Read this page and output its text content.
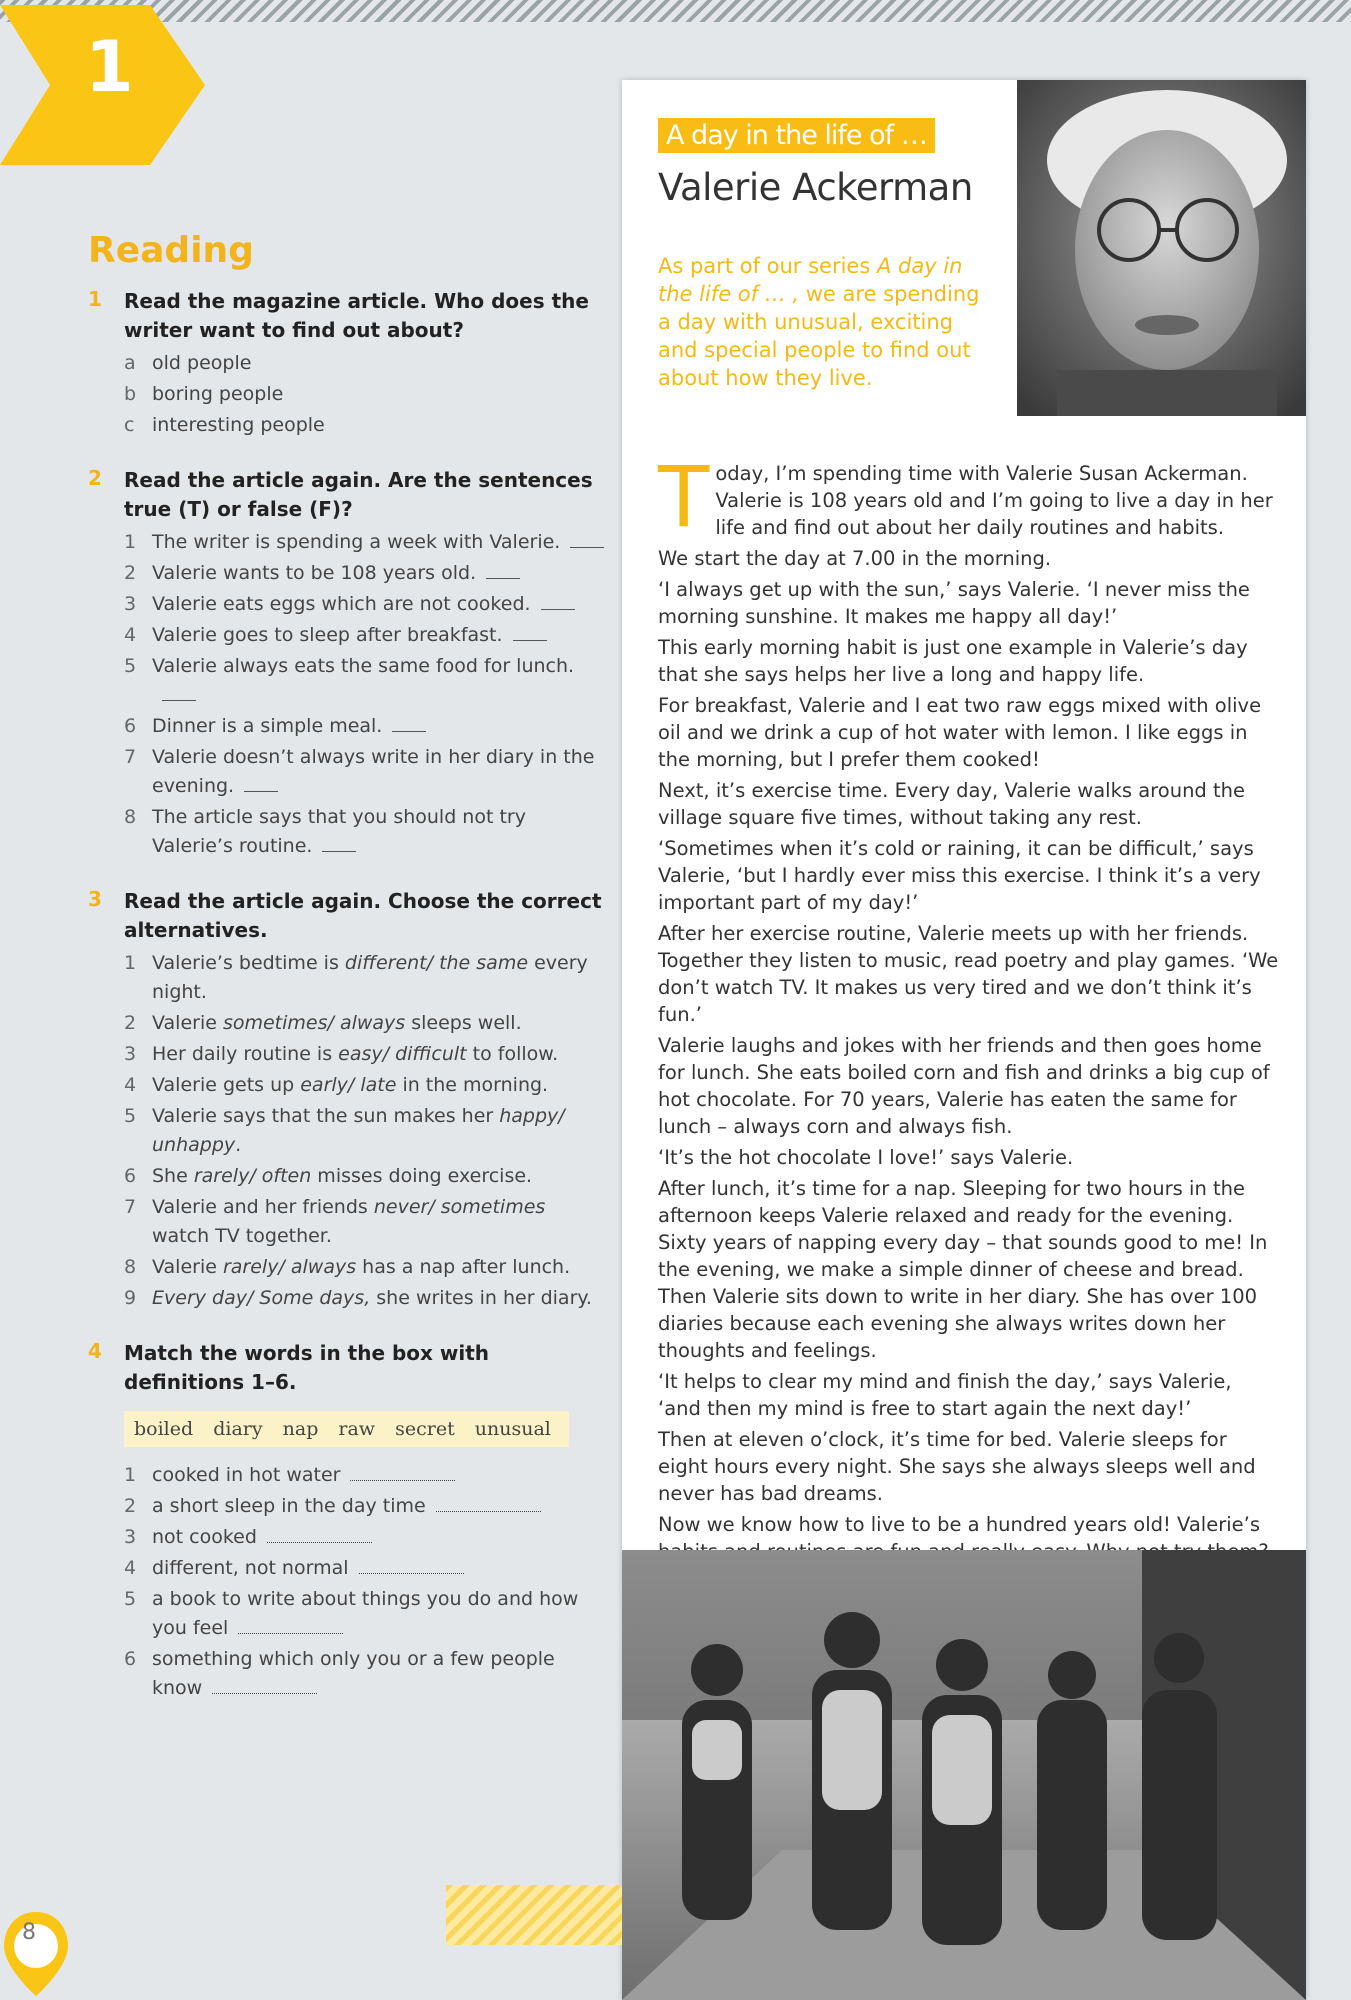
1
Reading
1 Read the magazine article. Who does the writer want to find out about?
a old people
b boring people
c interesting people
2 Read the article again. Are the sentences true (T) or false (F)?
1 The writer is spending a week with Valerie.
2 Valerie wants to be 108 years old.
3 Valerie eats eggs which are not cooked.
4 Valerie goes to sleep after breakfast.
5 Valerie always eats the same food for lunch.
6 Dinner is a simple meal.
7 Valerie doesn’t always write in her diary in the evening.
8 The article says that you should not try Valerie’s routine.
3 Read the article again. Choose the correct alternatives.
1 Valerie’s bedtime is different/ the same every night.
2 Valerie sometimes/ always sleeps well.
3 Her daily routine is easy/ difficult to follow.
4 Valerie gets up early/ late in the morning.
5 Valerie says that the sun makes her happy/ unhappy.
6 She rarely/ often misses doing exercise.
7 Valerie and her friends never/ sometimes watch TV together.
8 Valerie rarely/ always has a nap after lunch.
9 Every day/ Some days, she writes in her diary.
4 Match the words in the box with definitions 1–6.
boiled diary nap raw secret unusual
1 cooked in hot water
2 a short sleep in the day time
3 not cooked
4 different, not normal
5 a book to write about things you do and how you feel
6 something which only you or a few people know
A day in the life of …
Valerie Ackerman
As part of our series A day in the life of … , we are spending a day with unusual, exciting and special people to find out about how they live.

Today, I’m spending time with Valerie Susan Ackerman. Valerie is 108 years old and I’m going to live a day in her life and find out about her daily routines and habits.

We start the day at 7.00 in the morning.

‘I always get up with the sun,’ says Valerie. ‘I never miss the morning sunshine. It makes me happy all day!’

This early morning habit is just one example in Valerie’s day that she says helps her live a long and happy life.

For breakfast, Valerie and I eat two raw eggs mixed with olive oil and we drink a cup of hot water with lemon. I like eggs in the morning, but I prefer them cooked!

Next, it’s exercise time. Every day, Valerie walks around the village square five times, without taking any rest.

‘Sometimes when it’s cold or raining, it can be difficult,’ says Valerie, ‘but I hardly ever miss this exercise. I think it’s a very important part of my day!’

After her exercise routine, Valerie meets up with her friends. Together they listen to music, read poetry and play games. ‘We don’t watch TV. It makes us very tired and we don’t think it’s fun.’

Valerie laughs and jokes with her friends and then goes home for lunch. She eats boiled corn and fish and drinks a big cup of hot chocolate. For 70 years, Valerie has eaten the same for lunch – always corn and always fish.

‘It’s the hot chocolate I love!’ says Valerie.

After lunch, it’s time for a nap. Sleeping for two hours in the afternoon keeps Valerie relaxed and ready for the evening. Sixty years of napping every day – that sounds good to me! In the evening, we make a simple dinner of cheese and bread. Then Valerie sits down to write in her diary. She has over 100 diaries because each evening she always writes down her thoughts and feelings.

‘It helps to clear my mind and finish the day,’ says Valerie, ‘and then my mind is free to start again the next day!’

Then at eleven o’clock, it’s time for bed. Valerie sleeps for eight hours every night. She says she always sleeps well and never has bad dreams.

Now we know how to live to be a hundred years old! Valerie’s

8
